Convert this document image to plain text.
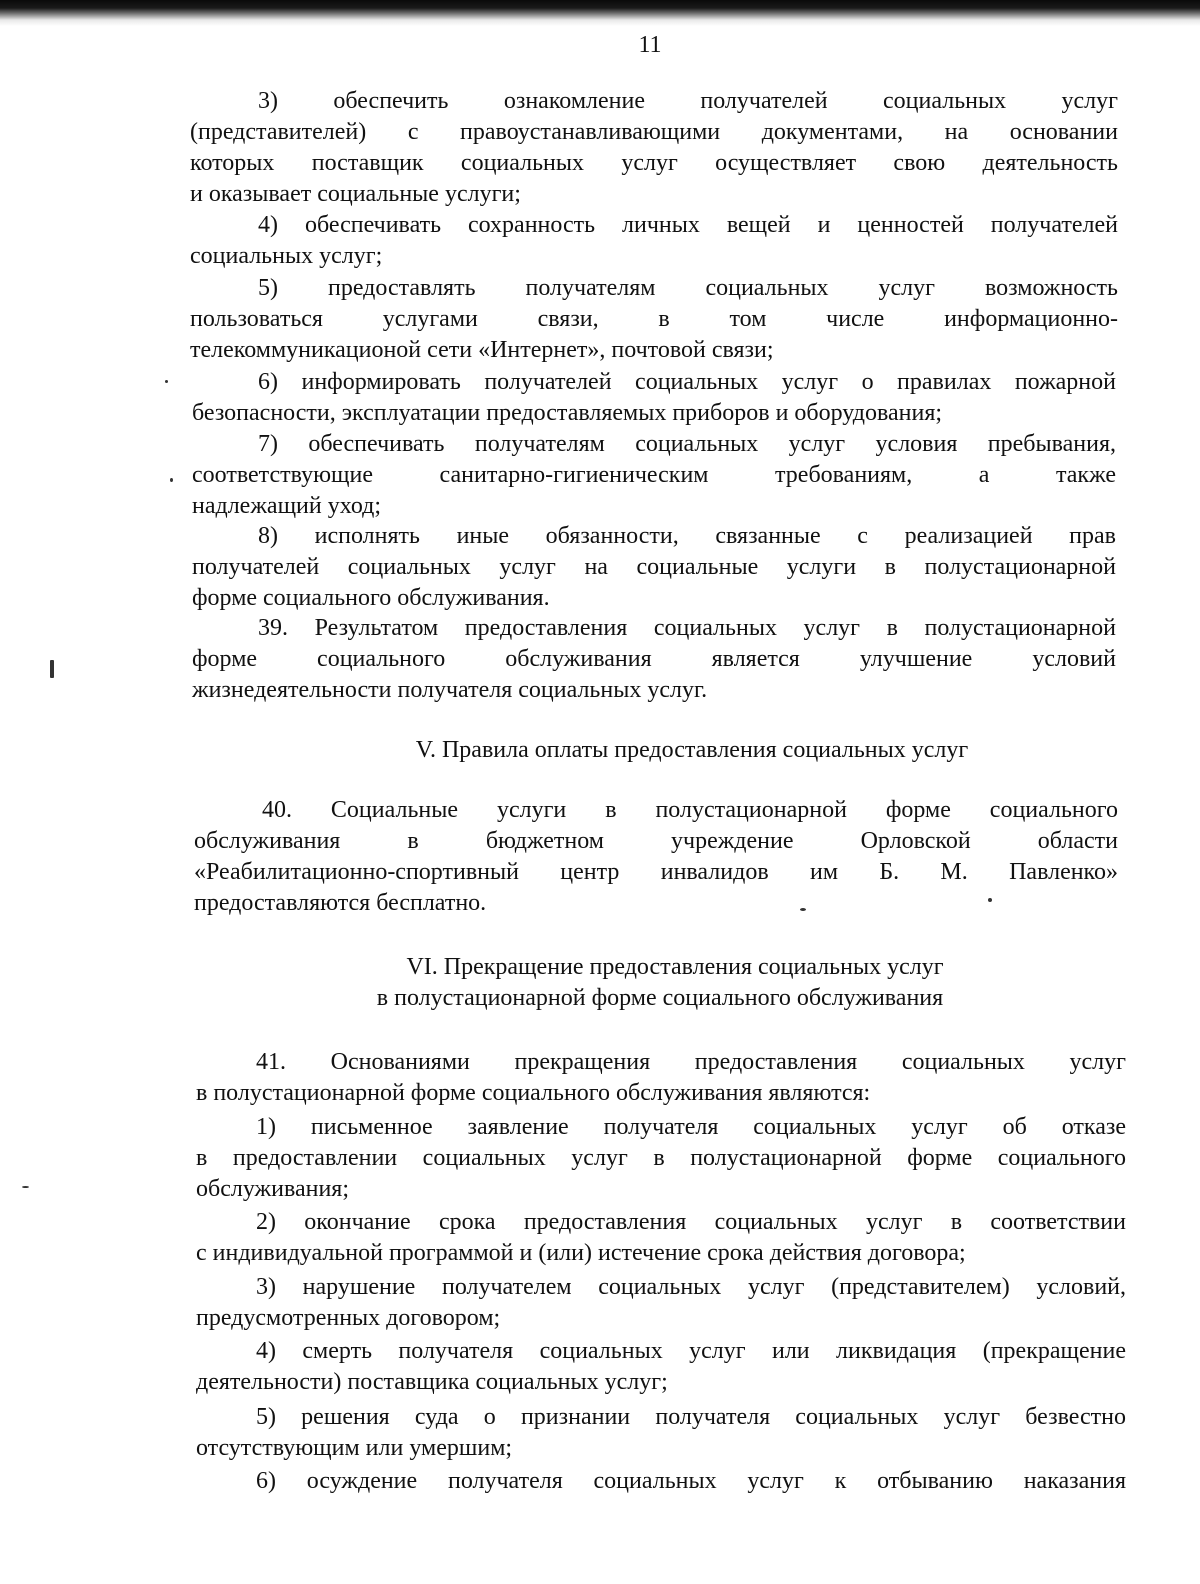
11
3) обеспечить ознакомление получателей социальных услуг
(представителей) с правоустанавливающими документами, на основании
которых поставщик социальных услуг осуществляет свою деятельность
и оказывает социальные услуги;
4) обеспечивать сохранность личных вещей и ценностей получателей
социальных услуг;
5) предоставлять получателям социальных услуг возможность
пользоваться услугами связи, в том числе информационно-
телекоммуникационой сети «Интернет», почтовой связи;
6) информировать получателей социальных услуг о правилах пожарной
безопасности, эксплуатации предоставляемых приборов и оборудования;
7) обеспечивать получателям социальных услуг условия пребывания,
соответствующие санитарно-гигиеническим требованиям, а также
надлежащий уход;
8) исполнять иные обязанности, связанные с реализацией прав
получателей социальных услуг на социальные услуги в полустационарной
форме социального обслуживания.
39. Результатом предоставления социальных услуг в полустационарной
форме социального обслуживания является улучшение условий
жизнедеятельности получателя социальных услуг.
V. Правила оплаты предоставления социальных услуг
40. Социальные услуги в полустационарной форме социального
обслуживания в бюджетном учреждение Орловской области
«Реабилитационно-спортивный центр инвалидов им Б. М. Павленко»
предоставляются бесплатно.
VI. Прекращение предоставления социальных услуг
в полустационарной форме социального обслуживания
41. Основаниями прекращения предоставления социальных услуг
в полустационарной форме социального обслуживания являются:
1) письменное заявление получателя социальных услуг об отказе
в предоставлении социальных услуг в полустационарной форме социального
обслуживания;
2) окончание срока предоставления социальных услуг в соответствии
с индивидуальной программой и (или) истечение срока действия договора;
3) нарушение получателем социальных услуг (представителем) условий,
предусмотренных договором;
4) смерть получателя социальных услуг или ликвидация (прекращение
деятельности) поставщика социальных услуг;
5) решения суда о признании получателя социальных услуг безвестно
отсутствующим или умершим;
6) осуждение получателя социальных услуг к отбыванию наказания
